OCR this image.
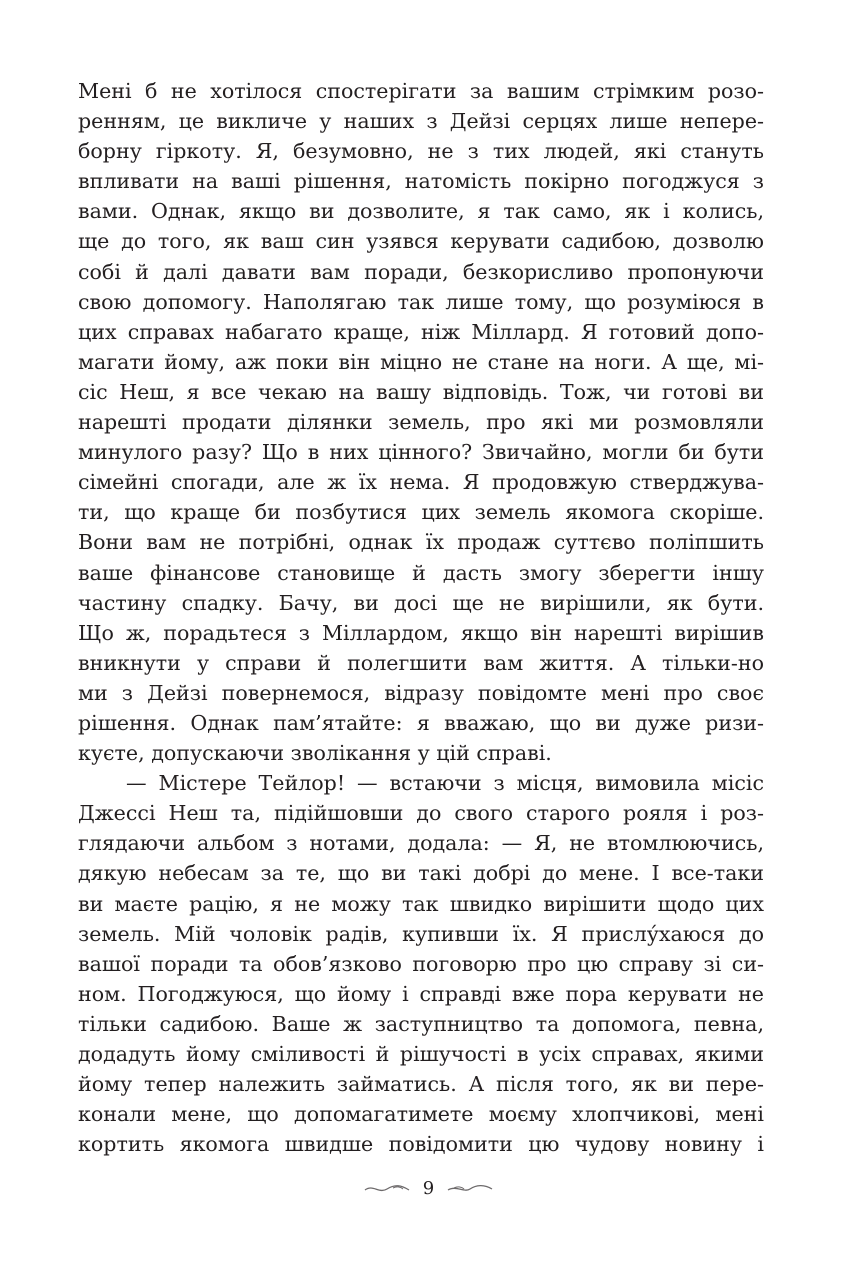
Мені б не хотілося спостерігати за вашим стрімким розо-
ренням, це викличе у наших з Дейзі серцях лише непере-
борну гіркоту. Я, безумовно, не з тих людей, які стануть
впливати на ваші рішення, натомість покірно погоджуся з
вами. Однак, якщо ви дозволите, я так само, як і колись,
ще до того, як ваш син узявся керувати садибою, дозволю
собі й далі давати вам поради, безкорисливо пропонуючи
свою допомогу. Наполягаю так лише тому, що розуміюся в
цих справах набагато краще, ніж Міллард. Я готовий допо-
магати йому, аж поки він міцно не стане на ноги. А ще, мі-
сіс Неш, я все чекаю на вашу відповідь. Тож, чи готові ви
нарешті продати ділянки земель, про які ми розмовляли
минулого разу? Що в них цінного? Звичайно, могли би бути
сімейні спогади, але ж їх нема. Я продовжую стверджува-
ти, що краще би позбутися цих земель якомога скоріше.
Вони вам не потрібні, однак їх продаж суттєво поліпшить
ваше фінансове становище й дасть змогу зберегти іншу
частину спадку. Бачу, ви досі ще не вирішили, як бути.
Що ж, порадьтеся з Міллардом, якщо він нарешті вирішив
вникнути у справи й полегшити вам життя. А тільки-но
ми з Дейзі повернемося, відразу повідомте мені про своє
рішення. Однак пам’ятайте: я вважаю, що ви дуже ризи-
куєте, допускаючи зволікання у цій справі.
— Містере Тейлор! — встаючи з місця, вимовила місіс
Джессі Неш та, підійшовши до свого старого рояля і роз-
глядаючи альбом з нотами, додала: — Я, не втомлюючись,
дякую небесам за те, що ви такі добрі до мене. І все-таки
ви маєте рацію, я не можу так швидко вирішити щодо цих
земель. Мій чоловік радів, купивши їх. Я прислу́хаюся до
вашої поради та обов’язково поговорю про цю справу зі си-
ном. Погоджуюся, що йому і справді вже пора керувати не
тільки садибою. Ваше ж заступництво та допомога, певна,
додадуть йому сміливості й рішучості в усіх справах, якими
йому тепер належить займатись. А після того, як ви пере-
конали мене, що допомагатимете моєму хлопчикові, мені
кортить якомога швидше повідомити цю чудову новину і
9
